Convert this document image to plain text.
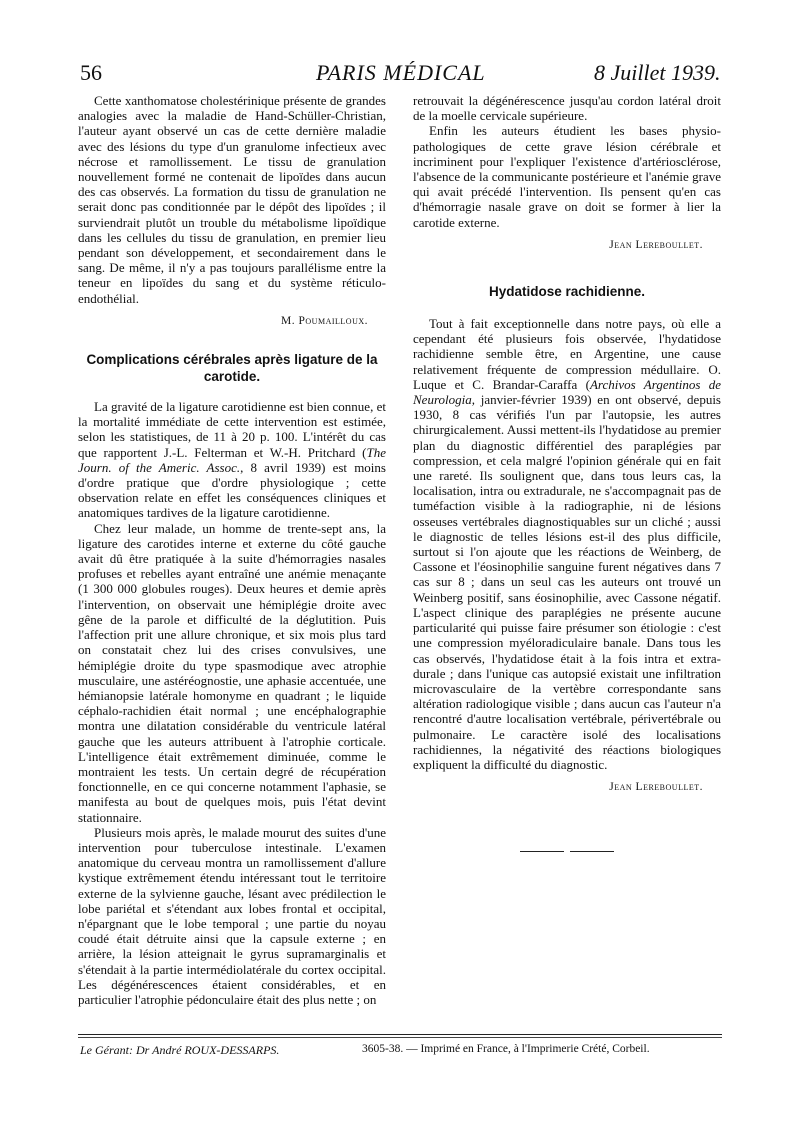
56	PARIS MÉDICAL	8 Juillet 1939.

Cette xanthomatose cholestérinique présente de grandes analogies avec la maladie de Hand-Schüller-Christian, l'auteur ayant observé un cas de cette dernière maladie avec des lésions du type d'un granulome infectieux avec nécrose et ramollissement. Le tissu de granulation nouvellement formé ne contenait de lipoïdes dans aucun des cas observés. La formation du tissu de granulation ne serait donc pas conditionnée par le dépôt des lipoïdes ; il surviendrait plutôt un trouble du métabolisme lipoïdique dans les cellules du tissu de granulation, en premier lieu pendant son développement, et secondairement dans le sang. De même, il n'y a pas toujours parallélisme entre la teneur en lipoïdes du sang et du système réticulo-endothélial.

M. Poumailloux.
Complications cérébrales après ligature de la carotide.

La gravité de la ligature carotidienne est bien connue, et la mortalité immédiate de cette intervention est estimée, selon les statistiques, de 11 à 20 p. 100. L'intérêt du cas que rapportent J.-L. Felterman et W.-H. Pritchard (The Journ. of the Americ. Assoc., 8 avril 1939) est moins d'ordre pratique que d'ordre physiologique ; cette observation relate en effet les conséquences cliniques et anatomiques tardives de la ligature carotidienne.

Chez leur malade, un homme de trente-sept ans, la ligature des carotides interne et externe du côté gauche avait dû être pratiquée à la suite d'hémorragies nasales profuses et rebelles ayant entraîné une anémie menaçante (1 300 000 globules rouges). Deux heures et demie après l'intervention, on observait une hémiplégie droite avec gêne de la parole et difficulté de la déglutition. Puis l'affection prit une allure chronique, et six mois plus tard on constatait chez lui des crises convulsives, une hémiplégie droite du type spasmodique avec atrophie musculaire, une astéréognostie, une aphasie accentuée, une hémianopsie latérale homonyme en quadrant ; le liquide céphalo-rachidien était normal ; une encéphalographie montra une dilatation considérable du ventricule latéral gauche que les auteurs attribuent à l'atrophie corticale. L'intelligence était extrêmement diminuée, comme le montraient les tests. Un certain degré de récupération fonctionnelle, en ce qui concerne notamment l'aphasie, se manifesta au bout de quelques mois, puis l'état devint stationnaire.

Plusieurs mois après, le malade mourut des suites d'une intervention pour tuberculose intestinale. L'examen anatomique du cerveau montra un ramollissement d'allure kystique extrêmement étendu intéressant tout le territoire externe de la sylvienne gauche, lésant avec prédilection le lobe pariétal et s'étendant aux lobes frontal et occipital, n'épargnant que le lobe temporal ; une partie du noyau coudé était détruite ainsi que la capsule externe ; en arrière, la lésion atteignait le gyrus supramarginalis et s'étendait à la partie intermédiolatérale du cortex occipital. Les dégénérescences étaient considérables, et en particulier l'atrophie pédonculaire était des plus nette ; on

retrouvait la dégénérescence jusqu'au cordon latéral droit de la moelle cervicale supérieure.

Enfin les auteurs étudient les bases physio-pathologiques de cette grave lésion cérébrale et incriminent pour l'expliquer l'existence d'artériosclérose, l'absence de la communicante postérieure et l'anémie grave qui avait précédé l'intervention. Ils pensent qu'en cas d'hémorragie nasale grave on doit se former à lier la carotide externe.

Jean Lereboullet.
Hydatidose rachidienne.

Tout à fait exceptionnelle dans notre pays, où elle a cependant été plusieurs fois observée, l'hydatidose rachidienne semble être, en Argentine, une cause relativement fréquente de compression médullaire. O. Luque et C. Brandar-Caraffa (Archivos Argentinos de Neurologia, janvier-février 1939) en ont observé, depuis 1930, 8 cas vérifiés l'un par l'autopsie, les autres chirurgicalement. Aussi mettent-ils l'hydatidose au premier plan du diagnostic différentiel des paraplégies par compression, et cela malgré l'opinion générale qui en fait une rareté. Ils soulignent que, dans tous leurs cas, la localisation, intra ou extradurale, ne s'accompagnait pas de tuméfaction visible à la radiographie, ni de lésions osseuses vertébrales diagnostiquables sur un cliché ; aussi le diagnostic de telles lésions est-il des plus difficile, surtout si l'on ajoute que les réactions de Weinberg, de Cassone et l'éosinophilie sanguine furent négatives dans 7 cas sur 8 ; dans un seul cas les auteurs ont trouvé un Weinberg positif, sans éosinophilie, avec Cassone négatif. L'aspect clinique des paraplégies ne présente aucune particularité qui puisse faire présumer son étiologie : c'est une compression myéloradiculaire banale. Dans tous les cas observés, l'hydatidose était à la fois intra et extra-durale ; dans l'unique cas autopsié existait une infiltration microvasculaire de la vertèbre correspondante sans altération radiologique visible ; dans aucun cas l'auteur n'a rencontré d'autre localisation vertébrale, périvertébrale ou pulmonaire. Le caractère isolé des localisations rachidiennes, la négativité des réactions biologiques expliquent la difficulté du diagnostic.

Jean Lereboullet.
Le Gérant: Dr André ROUX-DESSARPS.	3605-38. — Imprimé en France, à l'Imprimerie Crété, Corbeil.
